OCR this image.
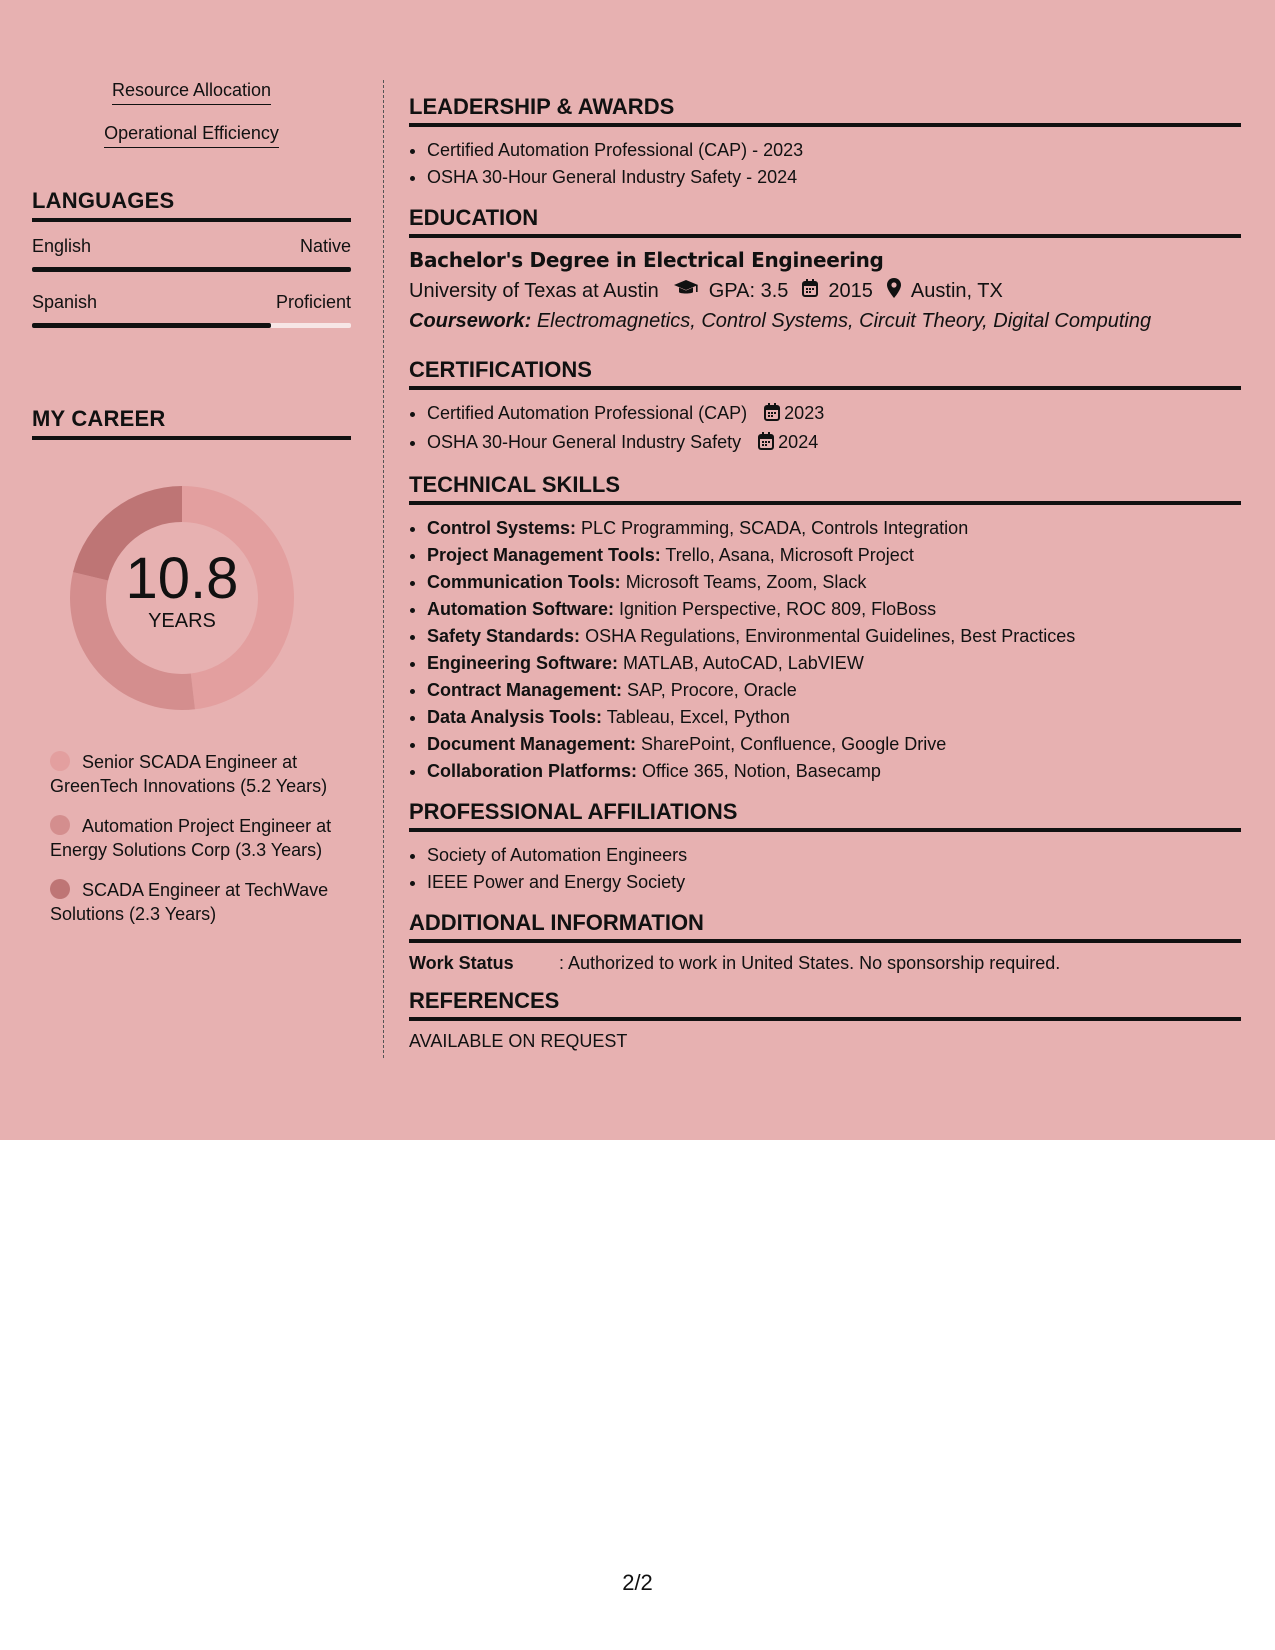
Resource Allocation
Operational Efficiency
LANGUAGES
English	Native
Spanish	Proficient
MY CAREER
10.8
YEARS
Senior SCADA Engineer at GreenTech Innovations (5.2 Years)
Automation Project Engineer at Energy Solutions Corp (3.3 Years)
SCADA Engineer at TechWave Solutions (2.3 Years)
LEADERSHIP & AWARDS
• Certified Automation Professional (CAP) - 2023
• OSHA 30-Hour General Industry Safety - 2024
EDUCATION
Bachelor's Degree in Electrical Engineering
University of Texas at Austin	GPA: 3.5 2015 Austin, TX
Coursework: Electromagnetics, Control Systems, Circuit Theory, Digital Computing
CERTIFICATIONS
• Certified Automation Professional (CAP) 2023
• OSHA 30-Hour General Industry Safety 2024
TECHNICAL SKILLS
• Control Systems: PLC Programming, SCADA, Controls Integration
• Project Management Tools: Trello, Asana, Microsoft Project
• Communication Tools: Microsoft Teams, Zoom, Slack
• Automation Software: Ignition Perspective, ROC 809, FloBoss
• Safety Standards: OSHA Regulations, Environmental Guidelines, Best Practices
• Engineering Software: MATLAB, AutoCAD, LabVIEW
• Contract Management: SAP, Procore, Oracle
• Data Analysis Tools: Tableau, Excel, Python
• Document Management: SharePoint, Confluence, Google Drive
• Collaboration Platforms: Office 365, Notion, Basecamp
PROFESSIONAL AFFILIATIONS
• Society of Automation Engineers
• IEEE Power and Energy Society
ADDITIONAL INFORMATION
Work Status	: Authorized to work in United States. No sponsorship required.
REFERENCES
AVAILABLE ON REQUEST
2/2
